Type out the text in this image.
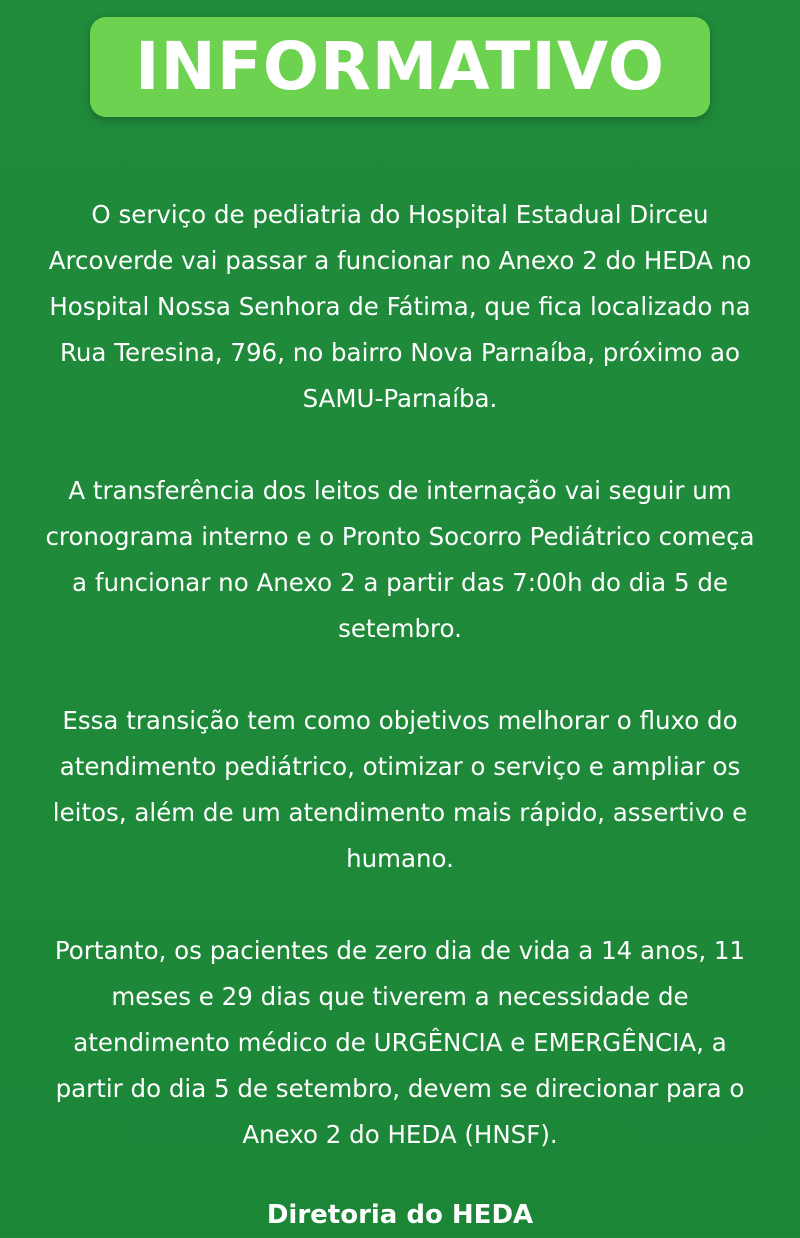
INFORMATIVO

O serviço de pediatria do Hospital Estadual Dirceu Arcoverde vai passar a funcionar no Anexo 2 do HEDA no Hospital Nossa Senhora de Fátima, que fica localizado na Rua Teresina, 796, no bairro Nova Parnaíba, próximo ao SAMU-Parnaíba.

A transferência dos leitos de internação vai seguir um cronograma interno e o Pronto Socorro Pediátrico começa a funcionar no Anexo 2 a partir das 7:00h do dia 5 de setembro.

Essa transição tem como objetivos melhorar o fluxo do atendimento pediátrico, otimizar o serviço e ampliar os leitos, além de um atendimento mais rápido, assertivo e humano.

Portanto, os pacientes de zero dia de vida a 14 anos, 11 meses e 29 dias que tiverem a necessidade de atendimento médico de URGÊNCIA e EMERGÊNCIA, a partir do dia 5 de setembro, devem se direcionar para o Anexo 2 do HEDA (HNSF).

Diretoria do HEDA
